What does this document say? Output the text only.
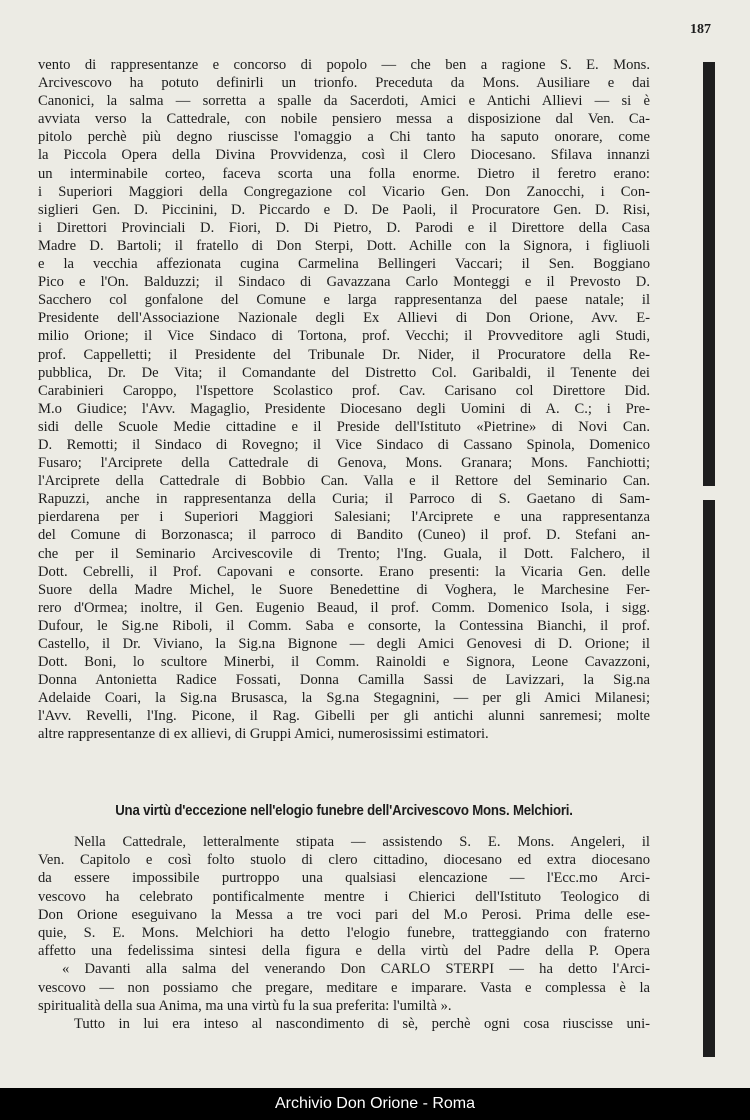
187
vento di rappresentanze e concorso di popolo — che ben a ragione S. E. Mons.
Arcivescovo ha potuto definirli un trionfo. Preceduta da Mons. Ausiliare e dai
Canonici, la salma — sorretta a spalle da Sacerdoti, Amici e Antichi Allievi — si è
avviata verso la Cattedrale, con nobile pensiero messa a disposizione dal Ven. Ca-
pitolo perchè più degno riuscisse l'omaggio a Chi tanto ha saputo onorare, come
la Piccola Opera della Divina Provvidenza, così il Clero Diocesano. Sfilava innanzi
un interminabile corteo, faceva scorta una folla enorme. Dietro il feretro erano:
i Superiori Maggiori della Congregazione col Vicario Gen. Don Zanocchi, i Con-
siglieri Gen. D. Piccinini, D. Piccardo e D. De Paoli, il Procuratore Gen. D. Risi,
i Direttori Provinciali D. Fiori, D. Di Pietro, D. Parodi e il Direttore della Casa
Madre D. Bartoli; il fratello di Don Sterpi, Dott. Achille con la Signora, i figliuoli
e la vecchia affezionata cugina Carmelina Bellingeri Vaccari; il Sen. Boggiano
Pico e l'On. Balduzzi; il Sindaco di Gavazzana Carlo Monteggi e il Prevosto D.
Sacchero col gonfalone del Comune e larga rappresentanza del paese natale; il
Presidente dell'Associazione Nazionale degli Ex Allievi di Don Orione, Avv. E-
milio Orione; il Vice Sindaco di Tortona, prof. Vecchi; il Provveditore agli Studi,
prof. Cappelletti; il Presidente del Tribunale Dr. Nider, il Procuratore della Re-
pubblica, Dr. De Vita; il Comandante del Distretto Col. Garibaldi, il Tenente dei
Carabinieri Caroppo, l'Ispettore Scolastico prof. Cav. Carisano col Direttore Did.
M.o Giudice; l'Avv. Magaglio, Presidente Diocesano degli Uomini di A. C.; i Pre-
sidi delle Scuole Medie cittadine e il Preside dell'Istituto «Pietrine» di Novi Can.
D. Remotti; il Sindaco di Rovegno; il Vice Sindaco di Cassano Spinola, Domenico
Fusaro; l'Arciprete della Cattedrale di Genova, Mons. Granara; Mons. Fanchiotti;
l'Arciprete della Cattedrale di Bobbio Can. Valla e il Rettore del Seminario Can.
Rapuzzi, anche in rappresentanza della Curia; il Parroco di S. Gaetano di Sam-
pierdarena per i Superiori Maggiori Salesiani; l'Arciprete e una rappresentanza
del Comune di Borzonasca; il parroco di Bandito (Cuneo) il prof. D. Stefani an-
che per il Seminario Arcivescovile di Trento; l'Ing. Guala, il Dott. Falchero, il
Dott. Cebrelli, il Prof. Capovani e consorte. Erano presenti: la Vicaria Gen. delle
Suore della Madre Michel, le Suore Benedettine di Voghera, le Marchesine Fer-
rero d'Ormea; inoltre, il Gen. Eugenio Beaud, il prof. Comm. Domenico Isola, i sigg.
Dufour, le Sig.ne Riboli, il Comm. Saba e consorte, la Contessina Bianchi, il prof.
Castello, il Dr. Viviano, la Sig.na Bignone — degli Amici Genovesi di D. Orione; il
Dott. Boni, lo scultore Minerbi, il Comm. Rainoldi e Signora, Leone Cavazzoni,
Donna Antonietta Radice Fossati, Donna Camilla Sassi de Lavizzari, la Sig.na
Adelaide Coari, la Sig.na Brusasca, la Sg.na Stegagnini, — per gli Amici Milanesi;
l'Avv. Revelli, l'Ing. Picone, il Rag. Gibelli per gli antichi alunni sanremesi; molte
altre rappresentanze di ex allievi, di Gruppi Amici, numerosissimi estimatori.
Una virtù d'eccezione nell'elogio funebre dell'Arcivescovo Mons. Melchiori.
Nella Cattedrale, letteralmente stipata — assistendo S. E. Mons. Angeleri, il
Ven. Capitolo e così folto stuolo di clero cittadino, diocesano ed extra diocesano
da essere impossibile purtroppo una qualsiasi elencazione — l'Ecc.mo Arci-
vescovo ha celebrato pontificalmente mentre i Chierici dell'Istituto Teologico di
Don Orione eseguivano la Messa a tre voci pari del M.o Perosi. Prima delle ese-
quie, S. E. Mons. Melchiori ha detto l'elogio funebre, tratteggiando con fraterno
affetto una fedelissima sintesi della figura e della virtù del Padre della P. Opera
« Davanti alla salma del venerando Don CARLO STERPI — ha detto l'Arci-
vescovo — non possiamo che pregare, meditare e imparare. Vasta e complessa è la
spiritualità della sua Anima, ma una virtù fu la sua preferita: l'umiltà ».
Tutto in lui era inteso al nascondimento di sè, perchè ogni cosa riuscisse uni-
Archivio Don Orione - Roma
